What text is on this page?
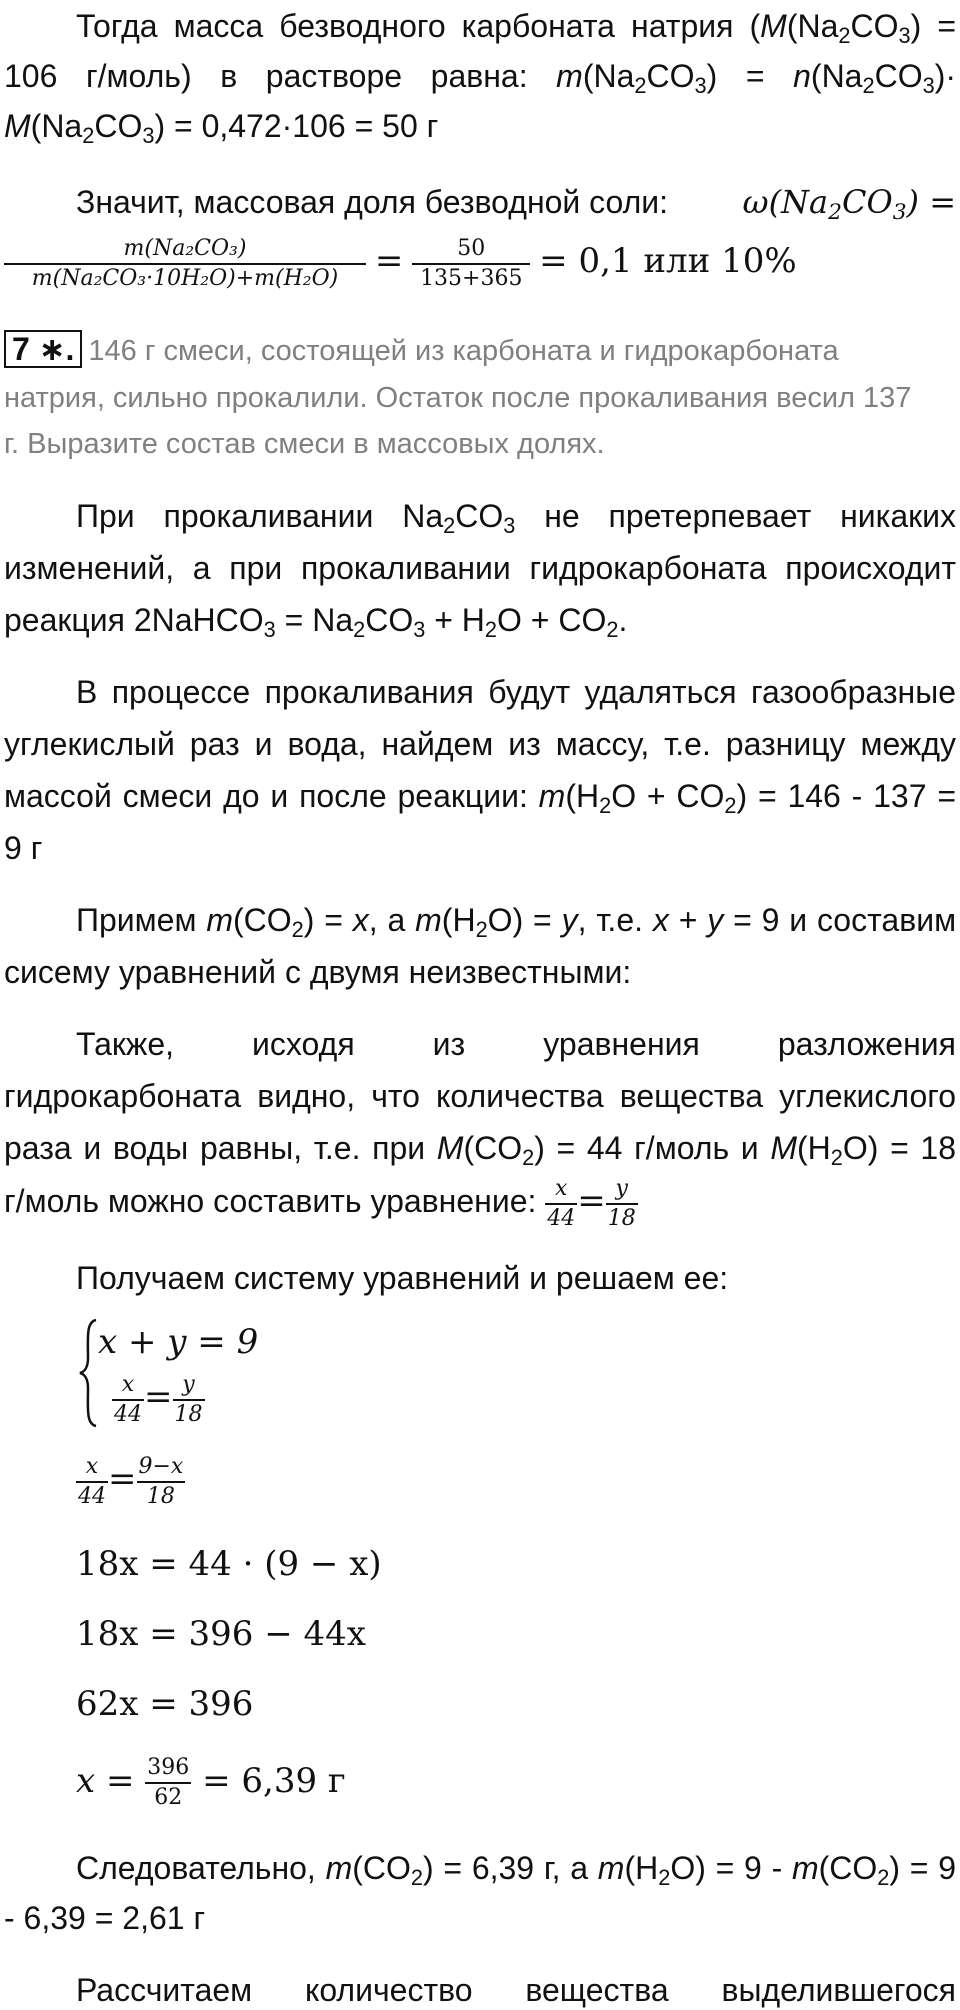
Тогда масса безводного карбоната натрия ($M(Na_2CO_3)$ =
106 г/моль) в растворе равна: $m(Na_2CO_3) = n(Na_2CO_3)\cdot$
$M(Na_2CO_3) = 0,472\cdot 106 = 50$ г
Значит, массовая доля безводной соли: $\omega(Na_2CO_3)$ =
$\frac{\text{m(Na₂CO₃)}}{\text{m(Na₂CO₃·10H₂O)+m(H₂O)}} = \frac{50}{135+365} = 0,1$ или 10%
7 ∗. 146 г смеси, состоящей из карбоната и гидрокарбоната
натрия, сильно прокалили. Остаток после прокаливания весил 137
г. Выразите состав смеси в массовых долях.
При прокаливании $Na_2CO_3$ не претерпевает никаких
изменений, а при прокаливании гидрокарбоната происходит
реакция 2NaHCO$_3$ = $Na_2CO_3 + H_2O + CO_2$.
В процессе прокаливания будут удаляться газообразные
углекислый раз и вода, найдем из массу, т.е. разницу между
массой смеси до и после реакции: $m(H_2O + CO_2) = 146 - 137$ =
9 г
Примем $m(CO_2) = x$, а $m(H_2O) = y$, т.е. x + y = 9 и составим
сисему уравнений с двумя неизвестными:
Также, исходя из уравнения разложения
гидрокарбоната видно, что количества вещества углекислого
раза и воды равны, т.е. при $M(CO_2) = 44$ г/моль и $M(H_2O) = 18$
г/моль можно составить уравнение: $\frac{x}{44} = \frac{y}{18}$
Получаем систему уравнений и решаем ее:
x + y = 9
$\frac{x}{44} = \frac{y}{18}$
$\frac{x}{44} = \frac{9-x}{18}$
18x = 44 · (9 − x)
18x = 396 − 44x
62x = 396
$x = \frac{396}{62} = 6,39$ г
Следовательно, $m(CO_2) = 6,39$ г, а $m(H_2O) = 9 - m(CO_2) = 9$
- 6,39 = 2,61 г
Рассчитаем количество вещества выделившегося
